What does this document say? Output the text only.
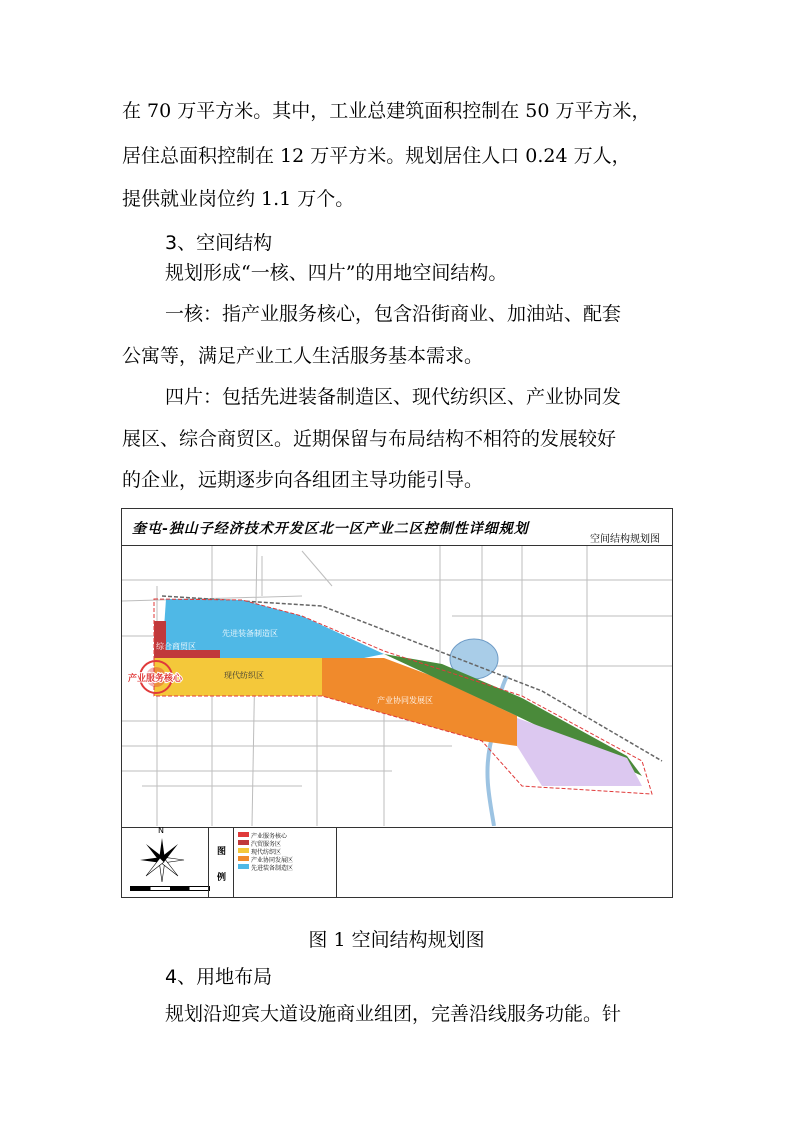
在 70 万平方米。其中，工业总建筑面积控制在 50 万平方米，
居住总面积控制在 12 万平方米。规划居住人口 0.24 万人，
提供就业岗位约 1.1 万个。
3、空间结构
规划形成“一核、四片”的用地空间结构。
一核：指产业服务核心，包含沿街商业、加油站、配套
公寓等，满足产业工人生活服务基本需求。
四片：包括先进装备制造区、现代纺织区、产业协同发
展区、综合商贸区。近期保留与布局结构不相符的发展较好
的企业，远期逐步向各组团主导功能引导。
奎屯-独山子经济技术开发区北一区产业二区控制性详细规划
空间结构规划图
先进装备制造区
综合商贸区
现代纺织区
产业协同发展区
产业服务核心
N
图
例
产业服务核心
汽贸服务区
现代纺织区
产业协同发展区
先进装备制造区
图 1 空间结构规划图
4、用地布局
规划沿迎宾大道设施商业组团，完善沿线服务功能。针
